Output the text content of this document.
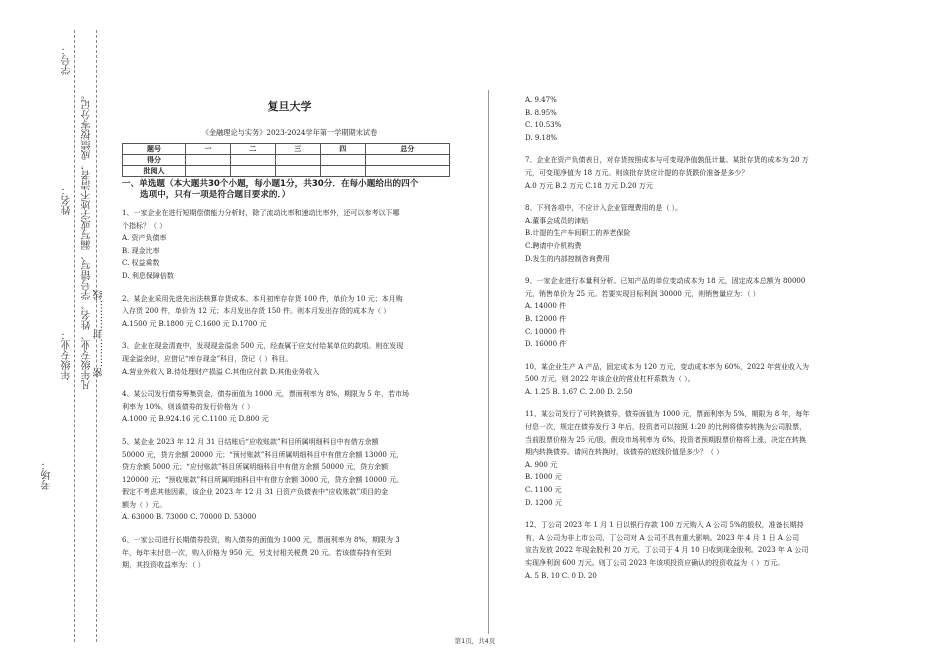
学号：
凡年级专业、姓名、学号错写、漏写或字迹不清者，成绩按零分记。
姓名：
密.........封.........线
年级专业：
考场：
复旦大学
《金融理论与实务》2023-2024学年第一学期期末试卷
题号	一	二	三	四	总分
得分					
批阅人					
一、单选题（本大题共30个小题，每小题1分，共30分．在每小题给出的四个
选项中，只有一项是符合题目要求的．）

1、一家企业在进行短期偿债能力分析时，除了流动比率和速动比率外，还可以参考以下哪

个指标？（ ）

A. 资产负债率
B. 现金比率
C. 权益乘数
D. 利息保障倍数

2、某企业采用先进先出法核算存货成本。本月初库存存货 100 件，单价为 10 元；本月购

入存货 200 件，单价为 12 元；本月发出存货 150 件。则本月发出存货的成本为（ ）

A.1500 元 B.1800 元 C.1600 元 D.1700 元

3、企业在现金清查中，发现现金溢余 500 元，经查属于应支付给某单位的款项。则在发现

现金溢余时，应借记“库存现金”科目，贷记（ ）科目。

A.营业外收入 B.待处理财产损溢 C.其他应付款 D.其他业务收入

4、某公司发行债券筹集资金，债券面值为 1000 元，票面利率为 8%，期限为 5 年，若市场

利率为 10%，则该债券的发行价格为（ ）

A.1000 元 B.924.16 元 C.1100 元 D.800 元

5、某企业 2023 年 12 月 31 日结账后“应收账款”科目所属明细科目中有借方余额

50000 元，贷方余额 20000 元；“预付账款”科目所属明细科目中有借方余额 13000 元，

贷方余额 5000 元；“应付账款”科目所属明细科目中有借方余额 50000 元，贷方余额

120000 元；“预收账款”科目所属明细科目中有借方余额 3000 元，贷方余额 10000 元。

假定不考虑其他因素，该企业 2023 年 12 月 31 日资产负债表中“应收账款”项目的金

额为（ ）元。

A. 63000 B. 73000 C. 70000 D. 53000

6、一家公司进行长期债券投资，购入债券的面值为 1000 元，票面利率为 8%，期限为 3

年，每年末付息一次，购入价格为 950 元，另支付相关税费 20 元。若该债券持有至到

期，其投资收益率为：（ ）

A. 9.47%
B. 8.95%
C. 10.53%
D. 9.18%

7、企业在资产负债表日，对存货按照成本与可变现净值孰低计量。某批存货的成本为 20 万

元，可变现净值为 18 万元。则该批存货应计提的存货跌价准备是多少？

A.0 万元 B.2 万元 C.18 万元 D.20 万元

8、下列各项中，不应计入企业管理费用的是（ ）。

A.董事会成员的津贴
B.计提的生产车间职工的养老保险
C.聘请中介机构费
D.发生的内部控制咨询费用

9、一家企业进行本量利分析。已知产品的单位变动成本为 18 元，固定成本总额为 80000

元，销售单价为 25 元。若要实现目标利润 30000 元，则销售量应为：（ ）

A. 14000 件
B. 12000 件
C. 10000 件
D. 16000 件

10、某企业生产 A 产品，固定成本为 120 万元，变动成本率为 60%，2022 年营业收入为

500 万元，则 2022 年该企业的营业杠杆系数为（ ）。

A. 1.25 B. 1.67 C. 2.00 D. 2.50

11、某公司发行了可转换债券，债券面值为 1000 元，票面利率为 5%，期限为 8 年，每年

付息一次，规定在债券发行 3 年后，投资者可以按照 1:20 的比例将债券转换为公司股票，

当前股票价格为 25 元/股，假设市场利率为 6%，投资者预期股票价格将上涨，决定在转换

期内转换债券。请问在转换时，该债券的底线价值是多少？（ ）

A. 900 元
B. 1000 元
C. 1100 元
D. 1200 元

12、丁公司 2023 年 1 月 1 日以银行存款 100 万元购入 A 公司 5%的股权，准备长期持

有，A 公司为非上市公司，丁公司对 A 公司不具有重大影响。2023 年 4 月 1 日 A 公司

宣告发放 2022 年现金股利 20 万元，丁公司于 4 月 10 日收到现金股利。2023 年 A 公司

实现净利润 600 万元。则丁公司 2023 年该项投资应确认的投资收益为（ ）万元。

A. 5 B. 10 C. 0 D. 20
第1页，共4页
